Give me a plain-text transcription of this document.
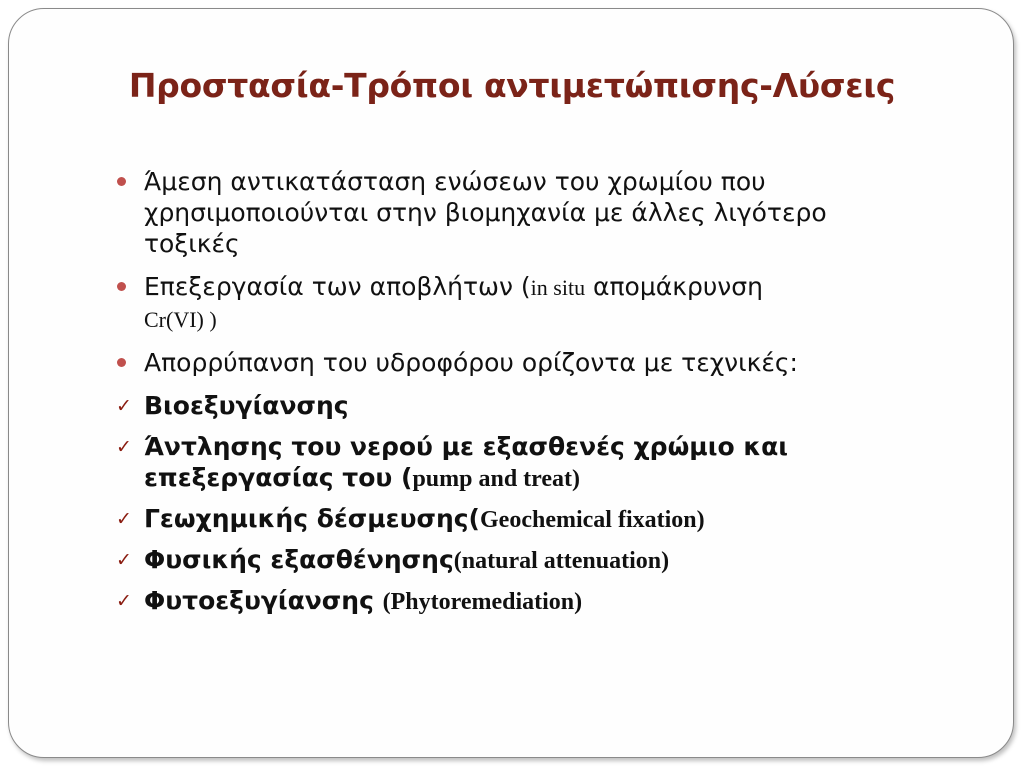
Προστασία-Τρόποι αντιμετώπισης-Λύσεις
Άμεση αντικατάσταση ενώσεων του χρωμίου που χρησιμοποιούνται στην βιομηχανία με άλλες λιγότερο τοξικές
Επεξεργασία των αποβλήτων (in situ απομάκρυνση
Cr(VI) )
Απορρύπανση του υδροφόρου ορίζοντα με τεχνικές:
✓ Βιοεξυγίανσης
✓ Άντλησης του νερού με εξασθενές χρώμιο και επεξεργασίας του (pump and treat)
✓ Γεωχημικής δέσμευσης(Geochemical fixation)
✓ Φυσικής εξασθένησης(natural attenuation)
✓ Φυτοεξυγίανσης (Phytoremediation)
